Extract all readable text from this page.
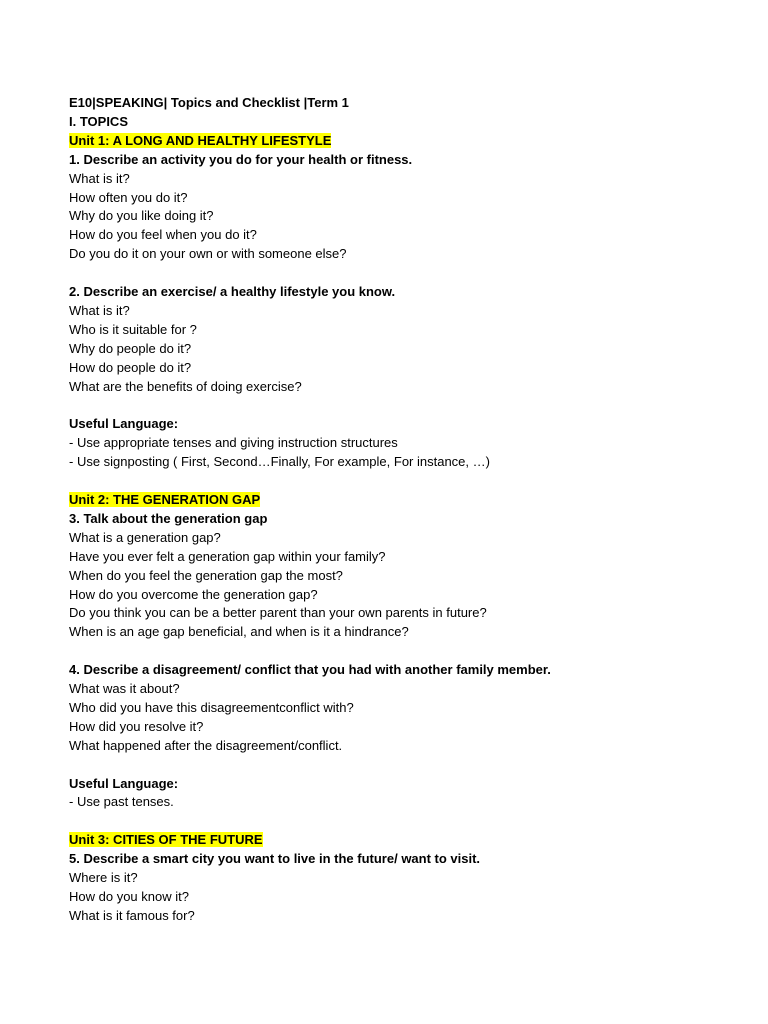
E10|SPEAKING| Topics and Checklist |Term 1
I. TOPICS
Unit 1: A LONG AND HEALTHY LIFESTYLE
1. Describe an activity you do for your health or fitness.
What is it?
How often you do it?
Why do you like doing it?
How do you feel when you do it?
Do you do it on your own or with someone else?
2. Describe an exercise/ a healthy lifestyle you know.
What is it?
Who is it suitable for ?
Why do people do it?
How do people do it?
What are the benefits of doing exercise?
Useful Language:
- Use appropriate tenses and giving instruction structures
- Use signposting ( First, Second…Finally, For example, For instance, …)
Unit 2: THE GENERATION GAP
3. Talk about the generation gap
What is a generation gap?
Have you ever felt a generation gap within your family?
When do you feel the generation gap the most?
How do you overcome the generation gap?
Do you think you can be a better parent than your own parents in future?
When is an age gap beneficial, and when is it a hindrance?
4. Describe a disagreement/ conflict that you had with another family member.
What was it about?
Who did you have this disagreementconflict with?
How did you resolve it?
What happened after the disagreement/conflict.
Useful Language:
- Use past tenses.
Unit 3: CITIES OF THE FUTURE
5. Describe a smart city you want to live in the future/ want to visit.
Where is it?
How do you know it?
What is it famous for?
